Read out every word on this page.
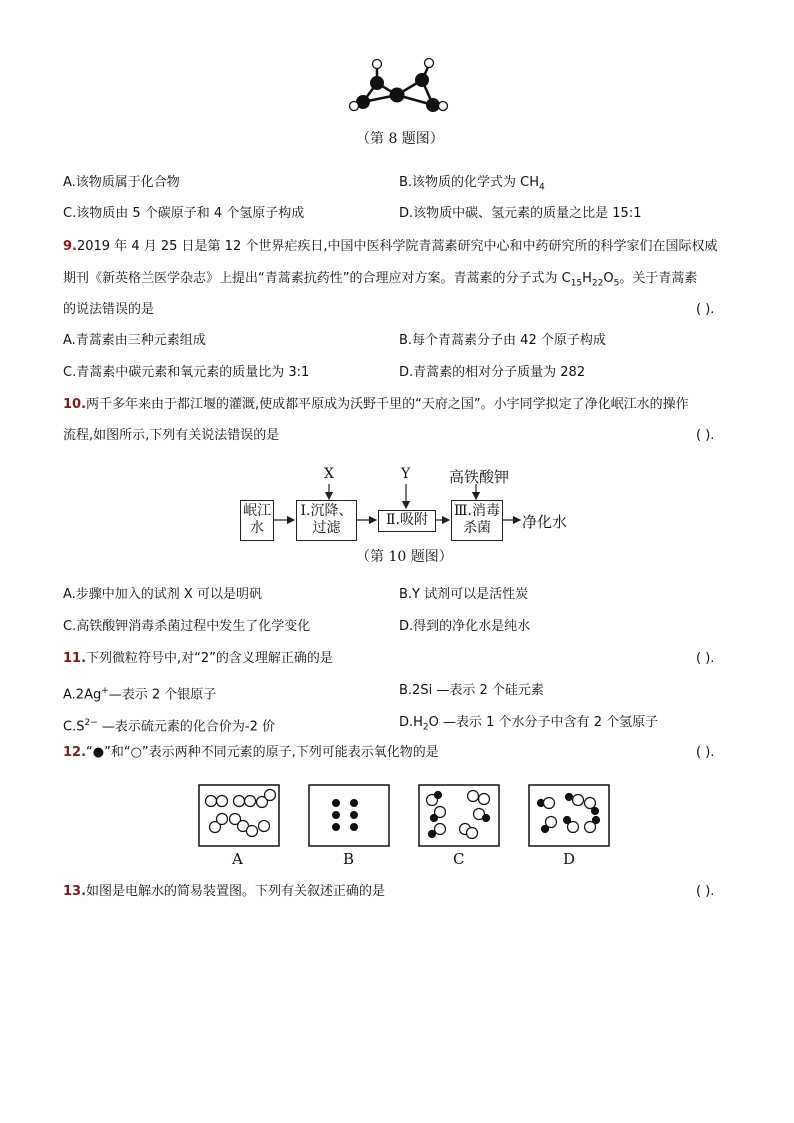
（第 8 题图）
A.该物质属于化合物	B.该物质的化学式为 $CH_4$
C.该物质由 5 个碳原子和 4 个氢原子构成	D.该物质中碳、氢元素的质量之比是 15:1
9.2019 年 4 月 25 日是第 12 个世界疟疾日,中国中医科学院青蒿素研究中心和中药研究所的科学家们在国际权威
期刊《新英格兰医学杂志》上提出“青蒿素抗药性”的合理应对方案。青蒿素的分子式为 $C_{15}H_{22}O_5$。关于青蒿素
的说法错误的是	( ).
A.青蒿素由三种元素组成	B.每个青蒿素分子由 42 个原子构成
C.青蒿素中碳元素和氧元素的质量比为 3:1	D.青蒿素的相对分子质量为 282
10.两千多年来由于都江堰的灌溉,使成都平原成为沃野千里的“天府之国”。小宇同学拟定了净化岷江水的操作
流程,如图所示,下列有关说法错误的是	( ).
X	Y	高铁酸钾
岷江
水
Ⅰ.沉降、
过滤	Ⅱ.吸附
Ⅲ.消毒
杀菌	净化水
（第 10 题图）
A.步骤中加入的试剂 X 可以是明矾	B.Y 试剂可以是活性炭
C.高铁酸钾消毒杀菌过程中发生了化学变化	D.得到的净化水是纯水
11.下列微粒符号中,对“2”的含义理解正确的是	( ).
A.2Ag+—表示 2 个银原子	B.2Si —表示 2 个硅元素
$C.S^{2-}$ —表示硫元素的化合价为-2 价	$D.H_2O$ —表示 1 个水分子中含有 2 个氢原子
12.“●”和“○”表示两种不同元素的原子,下列可能表示氧化物的是	( ).
A	B	C	D
13.如图是电解水的简易装置图。下列有关叙述正确的是	( ).
